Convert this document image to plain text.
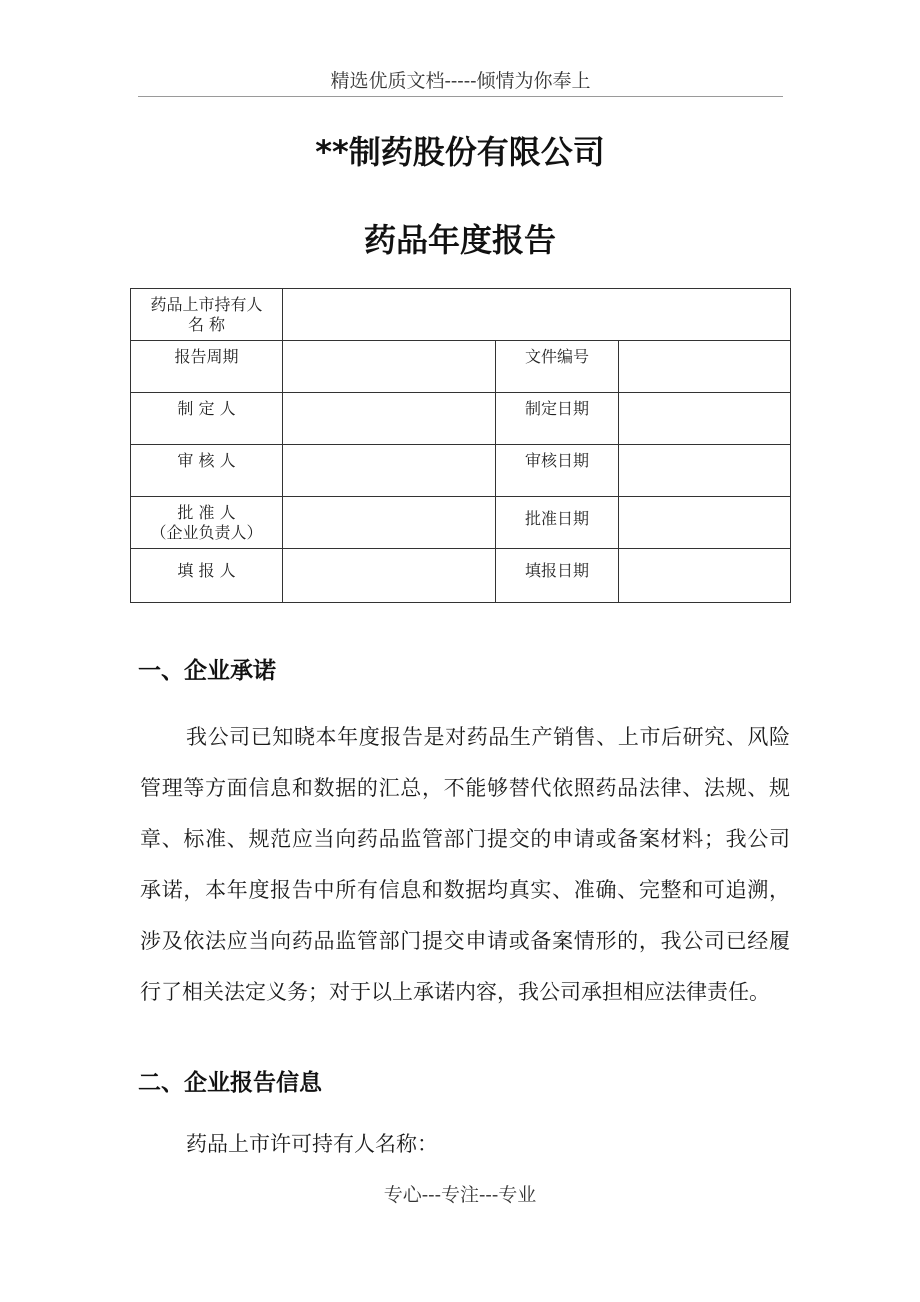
精选优质文档-----倾情为你奉上
**制药股份有限公司
药品年度报告
药品上市持有人
名 称			

报告周期		文件编号	

制 定 人		制定日期	

审 核 人		审核日期	

批 准 人
（企业负责人）		批准日期	

填 报 人		填报日期	

一、企业承诺
我公司已知晓本年度报告是对药品生产销售、上市后研究、风险管理等方面信息和数据的汇总，不能够替代依照药品法律、法规、规章、标准、规范应当向药品监管部门提交的申请或备案材料；我公司承诺，本年度报告中所有信息和数据均真实、准确、完整和可追溯，涉及依法应当向药品监管部门提交申请或备案情形的，我公司已经履行了相关法定义务；对于以上承诺内容，我公司承担相应法律责任。
二、企业报告信息
药品上市许可持有人名称：
专心---专注---专业
